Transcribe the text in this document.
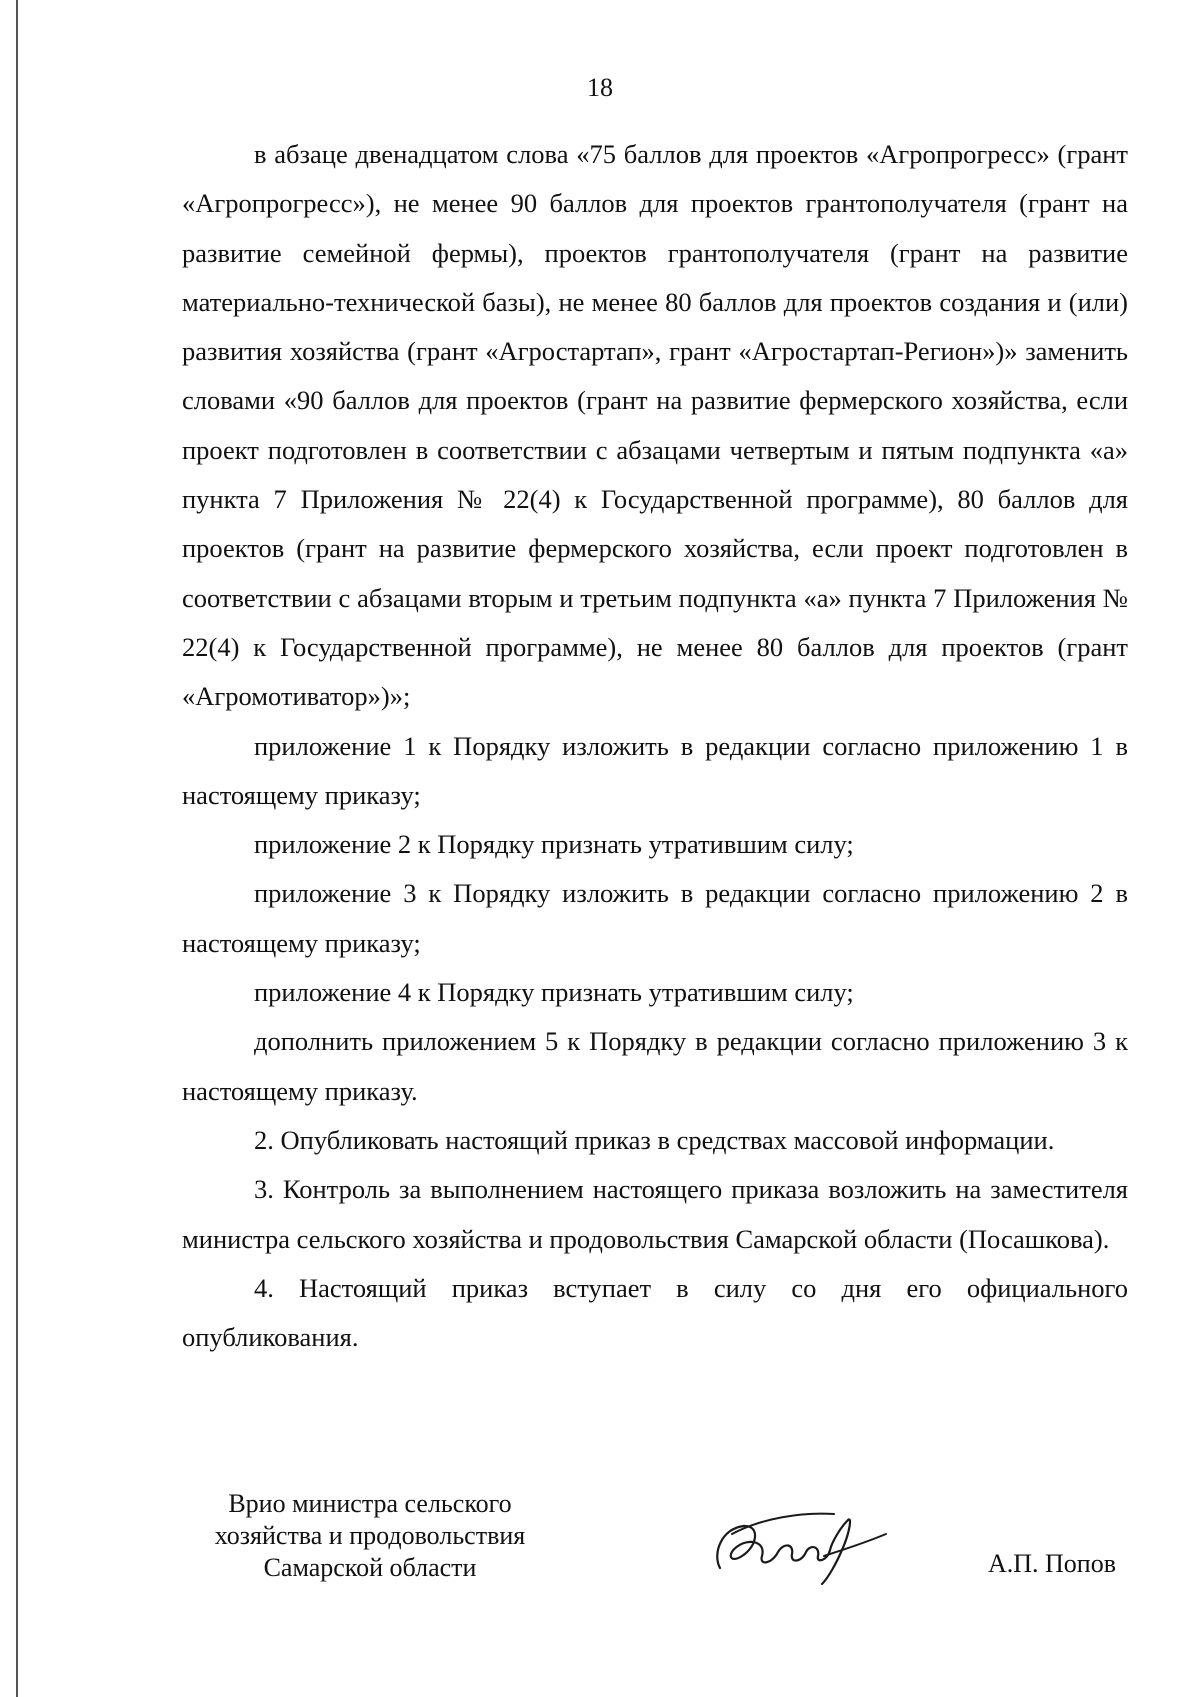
18

в абзаце двенадцатом слова «75 баллов для проектов «Агропрогресс» (грант «Агропрогресс»), не менее 90 баллов для проектов грантополучателя (грант на развитие семейной фермы), проектов грантополучателя (грант на развитие материально-технической базы), не менее 80 баллов для проектов создания и (или) развития хозяйства (грант «Агростартап», грант «Агростартап-Регион»)» заменить словами «90 баллов для проектов (грант на развитие фермерского хозяйства, если проект подготовлен в соответствии с абзацами четвертым и пятым подпункта «а» пункта 7 Приложения № 22(4) к Государственной программе), 80 баллов для проектов (грант на развитие фермерского хозяйства, если проект подготовлен в соответствии с абзацами вторым и третьим подпункта «а» пункта 7 Приложения № 22(4) к Государственной программе), не менее 80 баллов для проектов (грант «Агромотиватор»)»;

приложение 1 к Порядку изложить в редакции согласно приложению 1 в настоящему приказу;

приложение 2 к Порядку признать утратившим силу;

приложение 3 к Порядку изложить в редакции согласно приложению 2 в настоящему приказу;

приложение 4 к Порядку признать утратившим силу;

дополнить приложением 5 к Порядку в редакции согласно приложению 3 к настоящему приказу.

2. Опубликовать настоящий приказ в средствах массовой информации.

3. Контроль за выполнением настоящего приказа возложить на заместителя министра сельского хозяйства и продовольствия Самарской области (Посашкова).

4. Настоящий приказ вступает в силу со дня его официального опубликования.

Врио министра сельского
хозяйства и продовольствия
Самарской области	А.П. Попов
